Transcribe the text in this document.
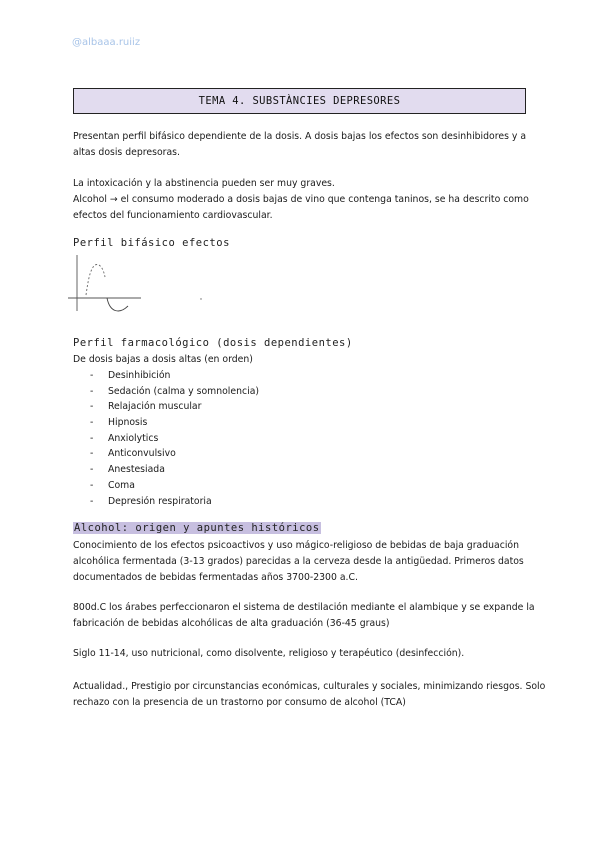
@albaaa.ruiiz
TEMA 4. SUBSTÀNCIES DEPRESORES

Presentan perfil bifásico dependiente de la dosis. A dosis bajas los efectos son desinhibidores y a
altas dosis depresoras.

La intoxicación y la abstinencia pueden ser muy graves.

Alcohol → el consumo moderado a dosis bajas de vino que contenga taninos, se ha descrito como
efectos del funcionamiento cardiovascular.

Perfil bifásico efectos
Perfil farmacológico (dosis dependientes)

De dosis bajas a dosis altas (en orden)

- Desinhibición
- Sedación (calma y somnolencia)
- Relajación muscular
- Hipnosis
- Anxiolytics
- Anticonvulsivo
- Anestesiada
- Coma
- Depresión respiratoria
Alcohol: origen y apuntes históricos

Conocimiento de los efectos psicoactivos y uso mágico-religioso de bebidas de baja graduación
alcohólica fermentada (3-13 grados) parecidas a la cerveza desde la antigüedad. Primeros datos
documentados de bebidas fermentadas años 3700-2300 a.C.

800d.C los árabes perfeccionaron el sistema de destilación mediante el alambique y se expande la
fabricación de bebidas alcohólicas de alta graduación (36-45 graus)

Siglo 11-14, uso nutricional, como disolvente, religioso y terapéutico (desinfección).

Actualidad., Prestigio por circunstancias económicas, culturales y sociales, minimizando riesgos. Solo
rechazo con la presencia de un trastorno por consumo de alcohol (TCA)
